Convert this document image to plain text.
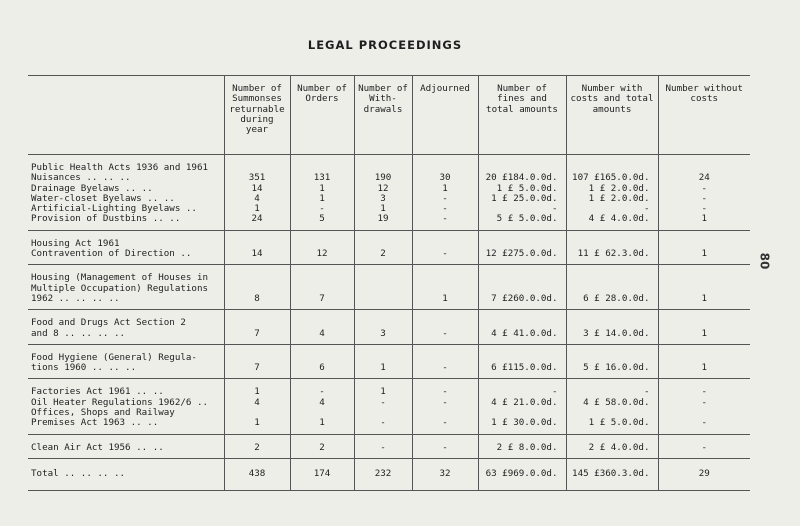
LEGAL PROCEEDINGS
80
	Number of Summonses returnable during year	Number of Orders	Number of With- drawals	Adjourned	Number of fines and total amounts	Number with costs and total amounts	Number without costs
Public Health Acts 1936 and 1961							
Nuisances .. .. ..	351	131	190	30	20 £184.0.0d.	107 £165.0.0d.	24
Drainage Byelaws .. ..	14	1	12	1	1 £ 5.0.0d.	1 £ 2.0.0d.	-
Water-closet Byelaws .. ..	4	1	3	-	1 £ 25.0.0d.	1 £ 2.0.0d.	-
Artificial-Lighting Byelaws ..	1	-	1	-	-	-	-
Provision of Dustbins .. ..	24	5	19	-	5 £ 5.0.0d.	4 £ 4.0.0d.	1
Housing Act 1961							
Contravention of Direction ..	14	12	2	-	12 £275.0.0d.	11 £ 62.3.0d.	1
Housing (Management of Houses in							
Multiple Occupation) Regulations							
1962 .. .. .. ..	8	7		1	7 £260.0.0d.	6 £ 28.0.0d.	1
Food and Drugs Act Section 2							
and 8 .. .. .. ..	7	4	3	-	4 £ 41.0.0d.	3 £ 14.0.0d.	1
Food Hygiene (General) Regula-							
tions 1960 .. .. ..	7	6	1	-	6 £115.0.0d.	5 £ 16.0.0d.	1
Factories Act 1961 .. ..	1	-	1	-	-	-	-
Oil Heater Regulations 1962/6 ..	4	4	-	-	4 £ 21.0.0d.	4 £ 58.0.0d.	-
Offices, Shops and Railway							
Premises Act 1963 .. ..	1	1	-	-	1 £ 30.0.0d.	1 £ 5.0.0d.	-
Clean Air Act 1956 .. ..	2	2	-	-	2 £ 8.0.0d.	2 £ 4.0.0d.	-
Total .. .. .. ..	438	174	232	32	63 £969.0.0d.	145 £360.3.0d.	29
